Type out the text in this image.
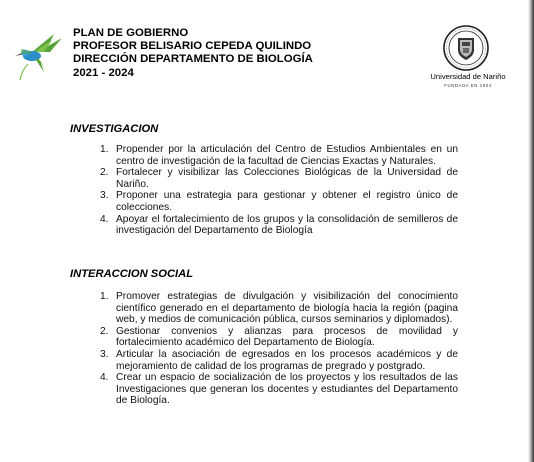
Bio
PLAN DE GOBIERNO
PROFESOR BELISARIO CEPEDA QUILINDO
DIRECCIÓN DEPARTAMENTO DE BIOLOGÍA
2021 - 2024	Universidad de Nariño
FUNDADA EN 1904
INVESTIGACION
1. Propender por la articulación del Centro de Estudios Ambientales en un centro de investigación de la facultad de Ciencias Exactas y Naturales.
2. Fortalecer y visibilizar las Colecciones Biológicas de la Universidad de Nariño.
3. Proponer una estrategia para gestionar y obtener el registro único de colecciones.
4. Apoyar el fortalecimiento de los grupos y la consolidación de semilleros de investigación del Departamento de Biología
INTERACCION SOCIAL
1. Promover estrategias de divulgación y visibilización del conocimiento científico generado en el departamento de biología hacia la región (pagina web, y medios de comunicación pública, cursos seminarios y diplomados).
2. Gestionar convenios y alianzas para procesos de movilidad y fortalecimiento académico del Departamento de Biología.
3. Articular la asociación de egresados en los procesos académicos y de mejoramiento de calidad de los programas de pregrado y postgrado.
4. Crear un espacio de socialización de los proyectos y los resultados de las Investigaciones que generan los docentes y estudiantes del Departamento de Biología.
